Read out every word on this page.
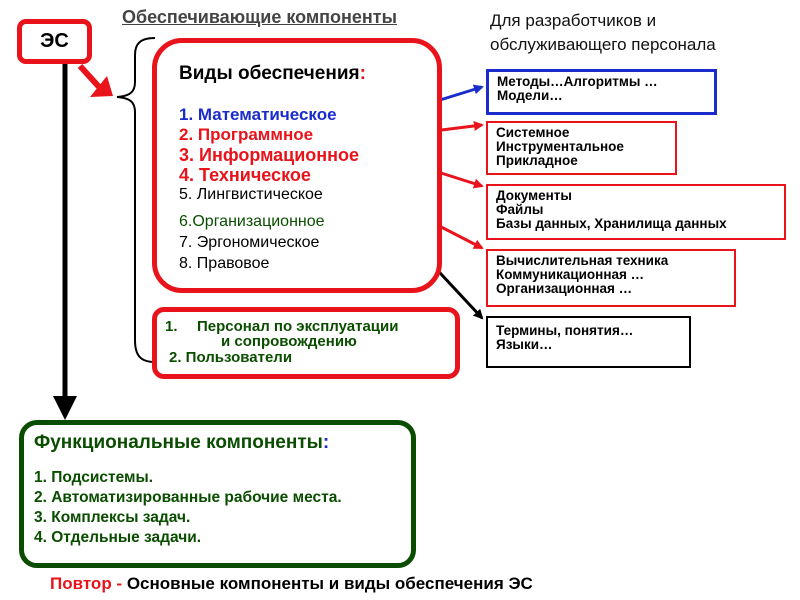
ЭС
Обеспечивающие компоненты	Для разработчиков и
обслуживающего персонала
Виды обеспечения:
1. Математическое
2. Программное
3. Информационное
4. Техническое
5. Лингвистическое
6.Организационное
7. Эргономическое
8. Правовое
1. Персонал по эксплуатации
и сопровождению
2. Пользователи
Методы…Алгоритмы …
Модели…
Системное
Инструментальное
Прикладное
Документы
Файлы
Базы данных, Хранилища данных
Вычислительная техника
Коммуникационная …
Организационная …
Термины, понятия…
Языки…
Функциональные компоненты:
1. Подсистемы.
2. Автоматизированные рабочие места.
3. Комплексы задач.
4. Отдельные задачи.
Повтор - Основные компоненты и виды обеспечения ЭС
